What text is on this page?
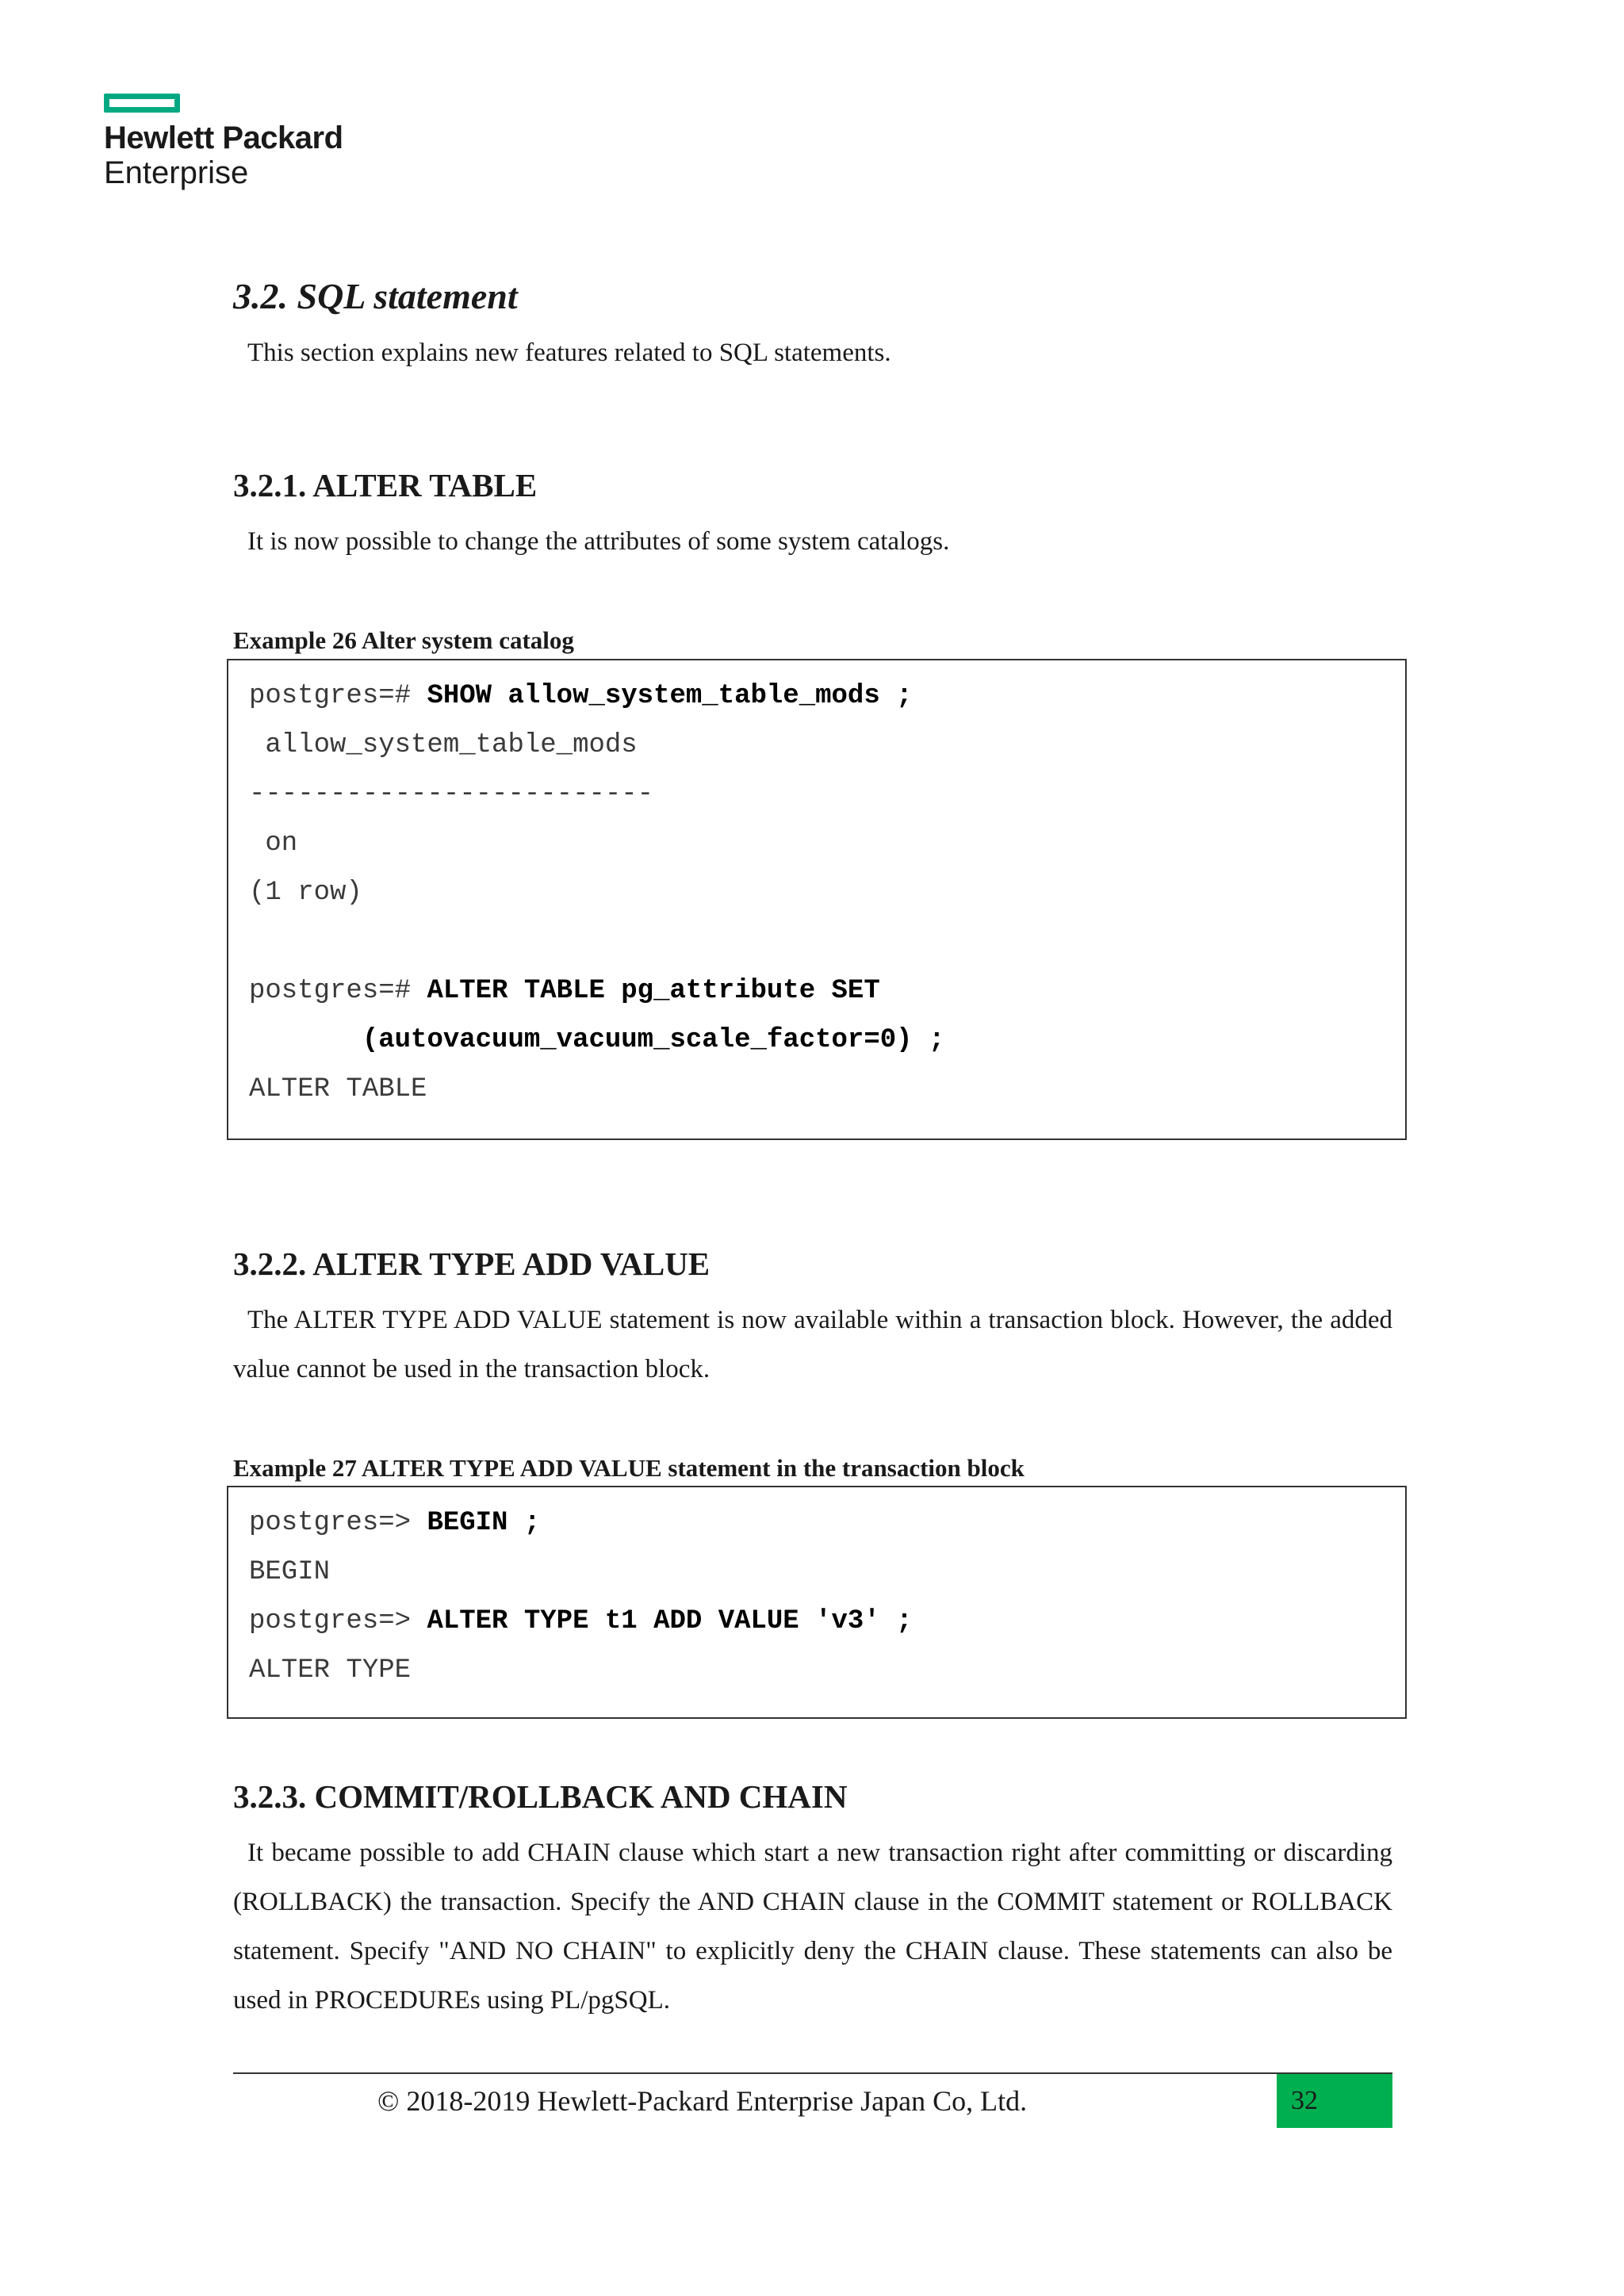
Hewlett Packard
Enterprise
3.2. SQL statement

This section explains new features related to SQL statements.

3.2.1. ALTER TABLE

It is now possible to change the attributes of some system catalogs.

Example 26 Alter system catalog

postgres=# SHOW allow_system_table_mods ;
allow_system_table_mods
-------------------------
on
(1 row)
postgres=# ALTER TABLE pg_attribute SET
(autovacuum_vacuum_scale_factor=0) ;
ALTER TABLE
3.2.2. ALTER TYPE ADD VALUE

The ALTER TYPE ADD VALUE statement is now available within a transaction block. However, the added value cannot be used in the transaction block.

Example 27 ALTER TYPE ADD VALUE statement in the transaction block

postgres=> BEGIN ;
BEGIN
postgres=> ALTER TYPE t1 ADD VALUE 'v3' ;
ALTER TYPE
3.2.3. COMMIT/ROLLBACK AND CHAIN

It became possible to add CHAIN clause which start a new transaction right after committing or discarding (ROLLBACK) the transaction. Specify the AND CHAIN clause in the COMMIT statement or ROLLBACK statement. Specify "AND NO CHAIN" to explicitly deny the CHAIN clause. These statements can also be used in PROCEDUREs using PL/pgSQL.

© 2018-2019 Hewlett-Packard Enterprise Japan Co, Ltd.	32
